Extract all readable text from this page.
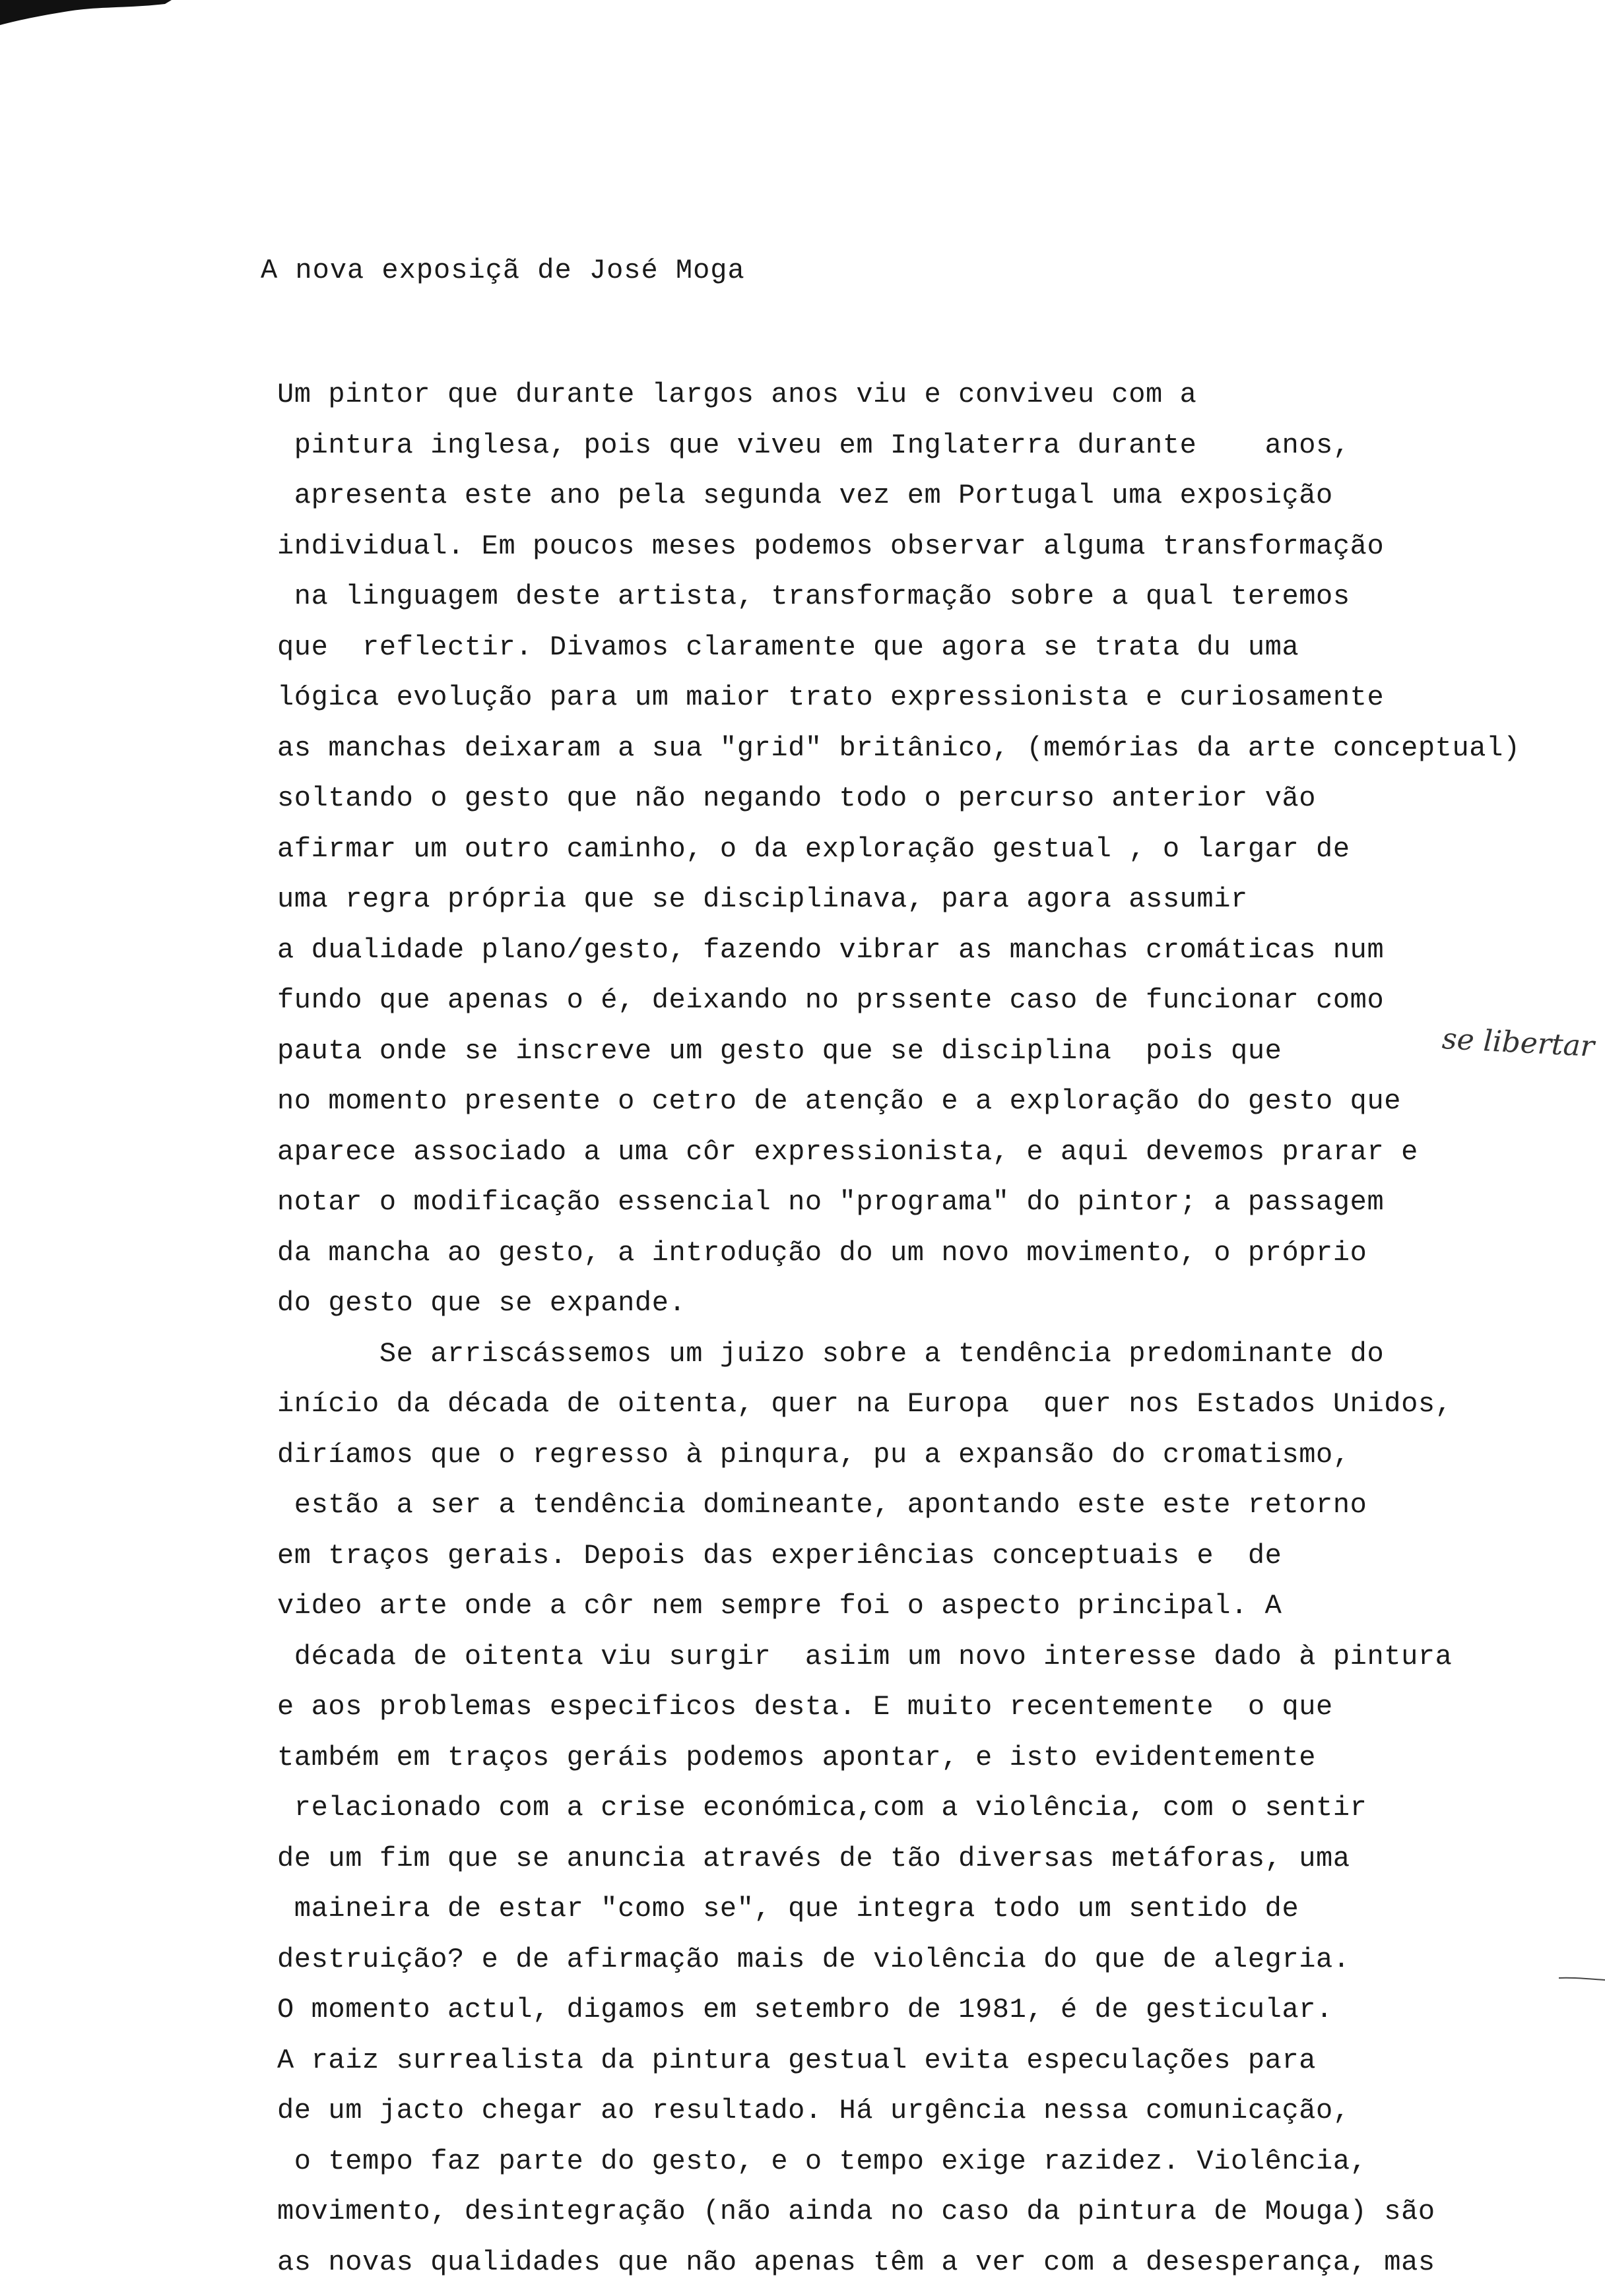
A nova exposiçã de José Moga
Um pintor que durante largos anos viu e conviveu com a
pintura inglesa, pois que viveu em Inglaterra durante    anos,
apresenta este ano pela segunda vez em Portugal uma exposição
individual. Em poucos meses podemos observar alguma transformação
na linguagem deste artista, transformação sobre a qual teremos
que  reflectir. Divamos claramente que agora se trata du uma
lógica evolução para um maior trato expressionista e curiosamente
as manchas deixaram a sua "grid" britânico, (memórias da arte conceptual)
soltando o gesto que não negando todo o percurso anterior vão
afirmar um outro caminho, o da exploração gestual , o largar de
uma regra própria que se disciplinava, para agora assumir
a dualidade plano/gesto, fazendo vibrar as manchas cromáticas num
fundo que apenas o é, deixando no prssente caso de funcionar como
pauta onde se inscreve um gesto que se disciplina  pois que
no momento presente o cetro de atenção e a exploração do gesto que
aparece associado a uma côr expressionista, e aqui devemos prarar e
notar o modificação essencial no "programa" do pintor; a passagem
da mancha ao gesto, a introdução do um novo movimento, o próprio
do gesto que se expande.
Se arriscássemos um juizo sobre a tendência predominante do
início da década de oitenta, quer na Europa  quer nos Estados Unidos,
diríamos que o regresso à pinqura, pu a expansão do cromatismo,
estão a ser a tendência domineante, apontando este este retorno
em traços gerais. Depois das experiências conceptuais e  de
video arte onde a côr nem sempre foi o aspecto principal. A
década de oitenta viu surgir  asiim um novo interesse dado à pintura
e aos problemas especificos desta. E muito recentemente  o que
também em traços geráis podemos apontar, e isto evidentemente
relacionado com a crise económica,com a violência, com o sentir
de um fim que se anuncia através de tão diversas metáforas, uma
maineira de estar "como se", que integra todo um sentido de
destruição? e de afirmação mais de violência do que de alegria.
O momento actul, digamos em setembro de 1981, é de gesticular.
A raiz surrealista da pintura gestual evita especulações para
de um jacto chegar ao resultado. Há urgência nessa comunicação,
o tempo faz parte do gesto, e o tempo exige razidez. Violência,
movimento, desintegração (não ainda no caso da pintura de Mouga) são
as novas qualidades que não apenas têm a ver com a desesperança, mas
se libertar
